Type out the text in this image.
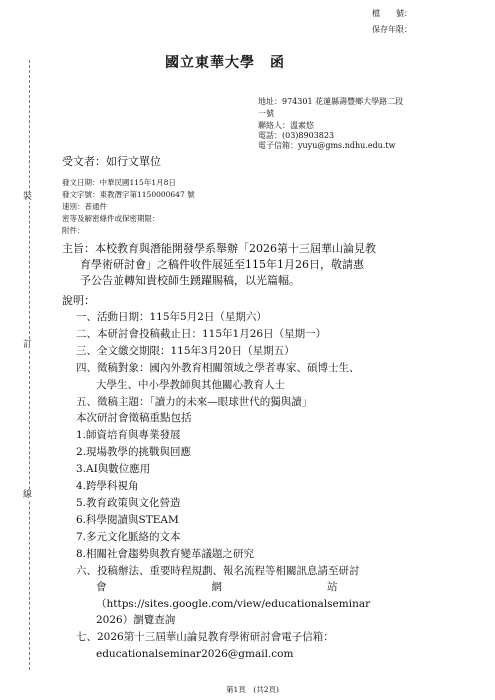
裝
訂
線
檔　　號：
保存年限：
國立東華大學　函
地址：974301 花蓮縣壽豐鄉大學路二段
一號
聯絡人：溫素悠
電話：(03)8903823
電子信箱：yuyu@gms.ndhu.edu.tw
受文者：如行文單位
發文日期：中華民國115年1月8日
發文字號：東教潛字第1150000647 號
速別：普通件
密等及解密條件或保密期限：
附件：
主旨：本校教育與潛能開發學系舉辦「2026第十三屆華山論見教
育學術研討會」之稿件收件展延至115年1月26日，敬請惠
予公告並轉知貴校師生踴躍賜稿，以光篇幅。
說明：
一、活動日期：115年5月2日（星期六）
二、本研討會投稿截止日：115年1月26日（星期一）
三、全文繳交期限：115年3月20日（星期五）
四、徵稿對象：國內外教育相關領域之學者專家、碩博士生、
大學生、中小學教師與其他關心教育人士
五、徵稿主題：「讀力的未來—眼球世代的獨與讀」
本次研討會徵稿重點包括
1.師資培育與專業發展
2.現場教學的挑戰與回應
3.AI與數位應用
4.跨學科視角
5.教育政策與文化營造
6.科學閱讀與STEAM
7.多元文化脈絡的文本
8.相關社會趨勢與教育變革議題之研究
六、投稿辦法、重要時程規劃、報名流程等相關訊息請至研討
會　　　　　　　　　　網　　　　　　　　　　站
（https://sites.google.com/view/educationalseminar
2026）瀏覽查詢
七、2026第十三屆華山論見教育學術研討會電子信箱：
educationalseminar2026@gmail.com
第1頁　(共2頁)
